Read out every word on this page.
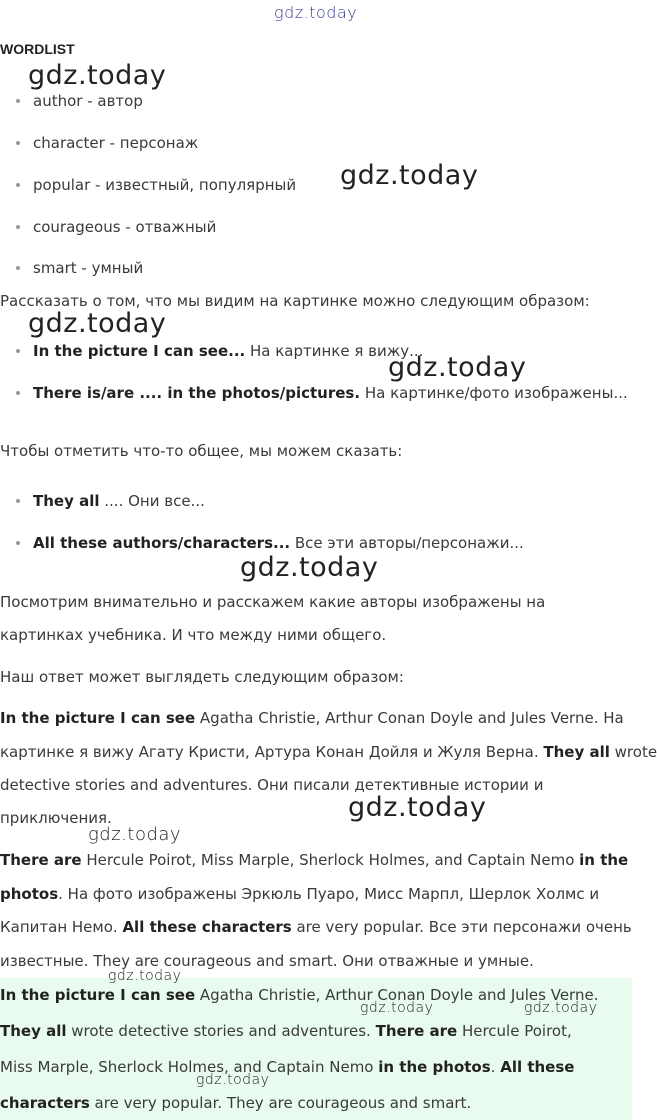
gdz.today
WORDLIST
author - автор
character - персонаж
popular - известный, популярный
courageous - отважный
smart - умный
Рассказать о том, что мы видим на картинке можно следующим образом:
In the picture I can see... На картинке я вижу...
There is/are .... in the photos/pictures. На картинке/фото изображены...
Чтобы отметить что-то общее, мы можем сказать:
They all .... Они все...
All these authors/characters... Все эти авторы/персонажи...
Посмотрим внимательно и расскажем какие авторы изображены на
картинках учебника. И что между ними общего.
Наш ответ может выглядеть следующим образом:
In the picture I can see Agatha Christie, Arthur Conan Doyle and Jules Verne. На
картинке я вижу Агату Кристи, Артура Конан Дойля и Жуля Верна. They all wrote
detective stories and adventures. Они писали детективные истории и
приключения.
There are Hercule Poirot, Miss Marple, Sherlock Holmes, and Captain Nemo in the
photos. На фото изображены Эркюль Пуаро, Мисс Марпл, Шерлок Холмс и
Капитан Немо. All these characters are very popular. Все эти персонажи очень
известные. They are courageous and smart. Они отважные и умные.
In the picture I can see Agatha Christie, Arthur Conan Doyle and Jules Verne.
They all wrote detective stories and adventures. There are Hercule Poirot,
Miss Marple, Sherlock Holmes, and Captain Nemo in the photos. All these
characters are very popular. They are courageous and smart.
gdz.today
gdz.today
gdz.today
gdz.today
gdz.today
gdz.today
gdz.today
gdz.today
gdz.today	gdz.today
gdz.today
